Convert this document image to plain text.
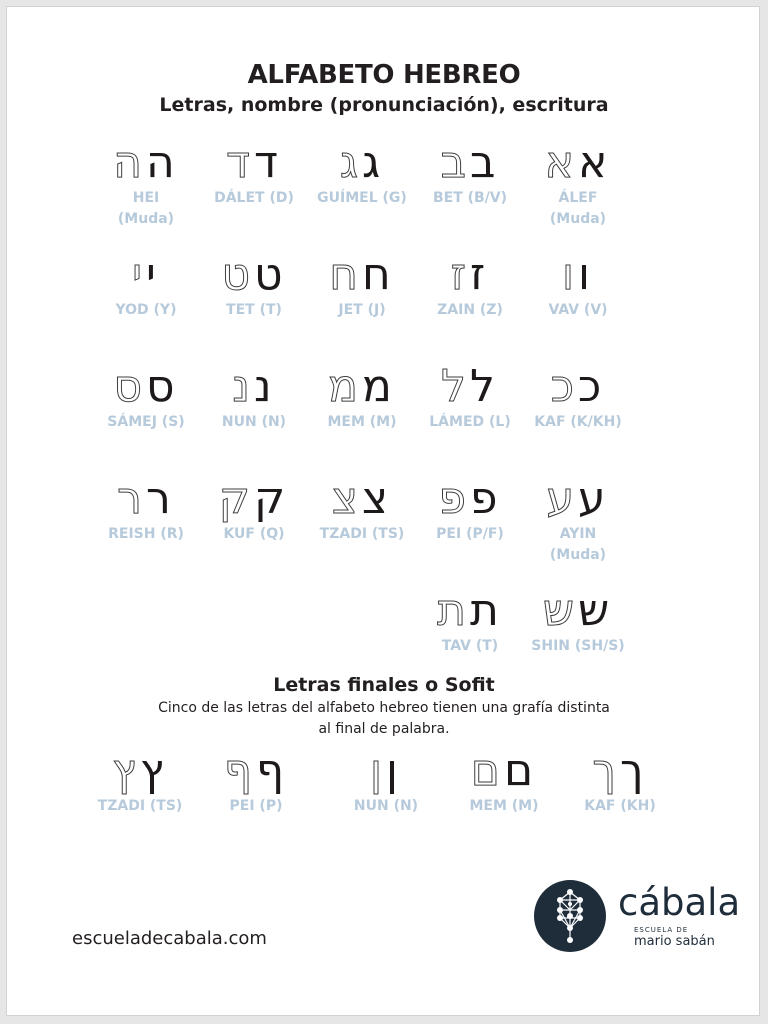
ALFABETO HEBREO
Letras, nombre (pronunciación), escritura
אא
ÁLEF
(Muda)
בב
BET (B/V)
גג
GUÍMEL (G)
דד
DÁLET (D)
הה
HEI
(Muda)
וו
VAV (V)
זז
ZAIN (Z)
חח
JET (J)
טט
TET (T)
יי
YOD (Y)
ככ
KAF (K/KH)
לל
LÁMED (L)
ממ
MEM (M)
ננ
NUN (N)
סס
SÁMEJ (S)
עע
AYIN
(Muda)
פפ
PEI (P/F)
צצ
TZADI (TS)
קק
KUF (Q)
רר
REISH (R)
שש
SHIN (SH/S)
תת
TAV (T)
Letras finales o Sofit
Cinco de las letras del alfabeto hebreo tienen una grafía distinta
al final de palabra.
ץץ
TZADI (TS)
ףף
PEI (P)
ןן
NUN (N)
םם
MEM (M)
ךך
KAF (KH)
escueladecabala.com
cábala
ESCUELA DE
mario sabán
